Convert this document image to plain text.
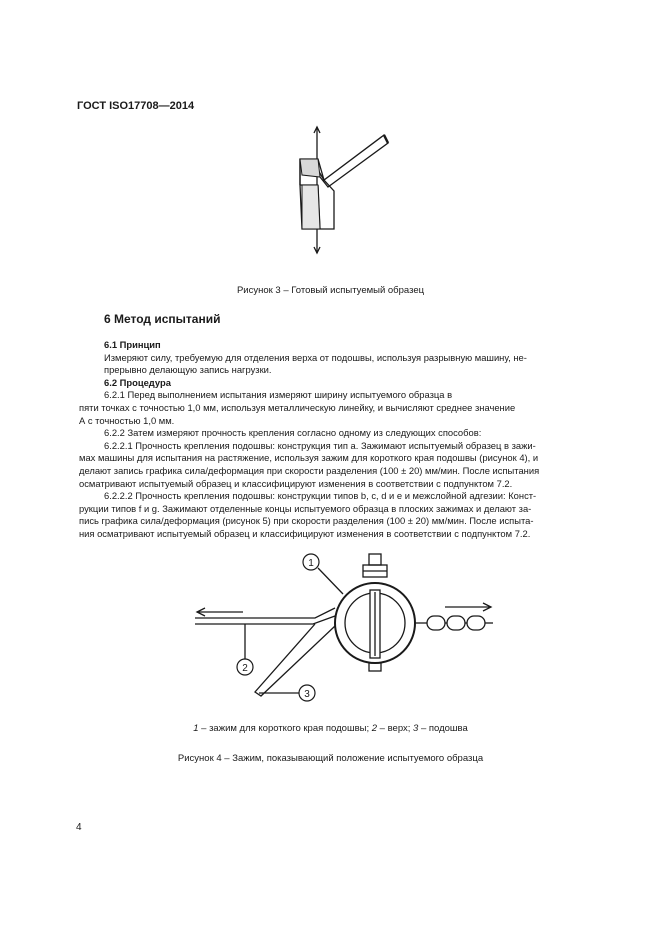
ГОСТ ISO17708—2014
Рисунок 3 – Готовый испытуемый образец
6 Метод испытаний

6.1 Принцип

Измеряют силу, требуемую для отделения верха от подошвы, используя разрывную машину, не-

прерывно делающую запись нагрузки.

6.2 Процедура

6.2.1 Перед выполнением испытания измеряют ширину испытуемого образца в

пяти точках с точностью 1,0 мм, используя металлическую линейку, и вычисляют среднее значение

А с точностью 1,0 мм.

6.2.2 Затем измеряют прочность крепления согласно одному из следующих способов:

6.2.2.1 Прочность крепления подошвы: конструкция тип а. Зажимают испытуемый образец в зажи-

мах машины для испытания на растяжение, используя зажим для короткого края подошвы (рисунок 4), и

делают запись графика сила/деформация при скорости разделения (100 ± 20) мм/мин. После испытания

осматривают испытуемый образец и классифицируют изменения в соответствии с подпунктом 7.2.

6.2.2.2 Прочность крепления подошвы: конструкции типов b, c, d и e и межслойной адгезии: Конст-

рукции типов f и g. Зажимают отделенные концы испытуемого образца в плоских зажимах и делают за-

пись графика сила/деформация (рисунок 5) при скорости разделения (100 ± 20) мм/мин. После испыта-

ния осматривают испытуемый образец и классифицируют изменения в соответствии с подпунктом 7.2.

1
2
3
1 – зажим для короткого края подошвы; 2 – верх; 3 – подошва
Рисунок 4 – Зажим, показывающий положение испытуемого образца
4
